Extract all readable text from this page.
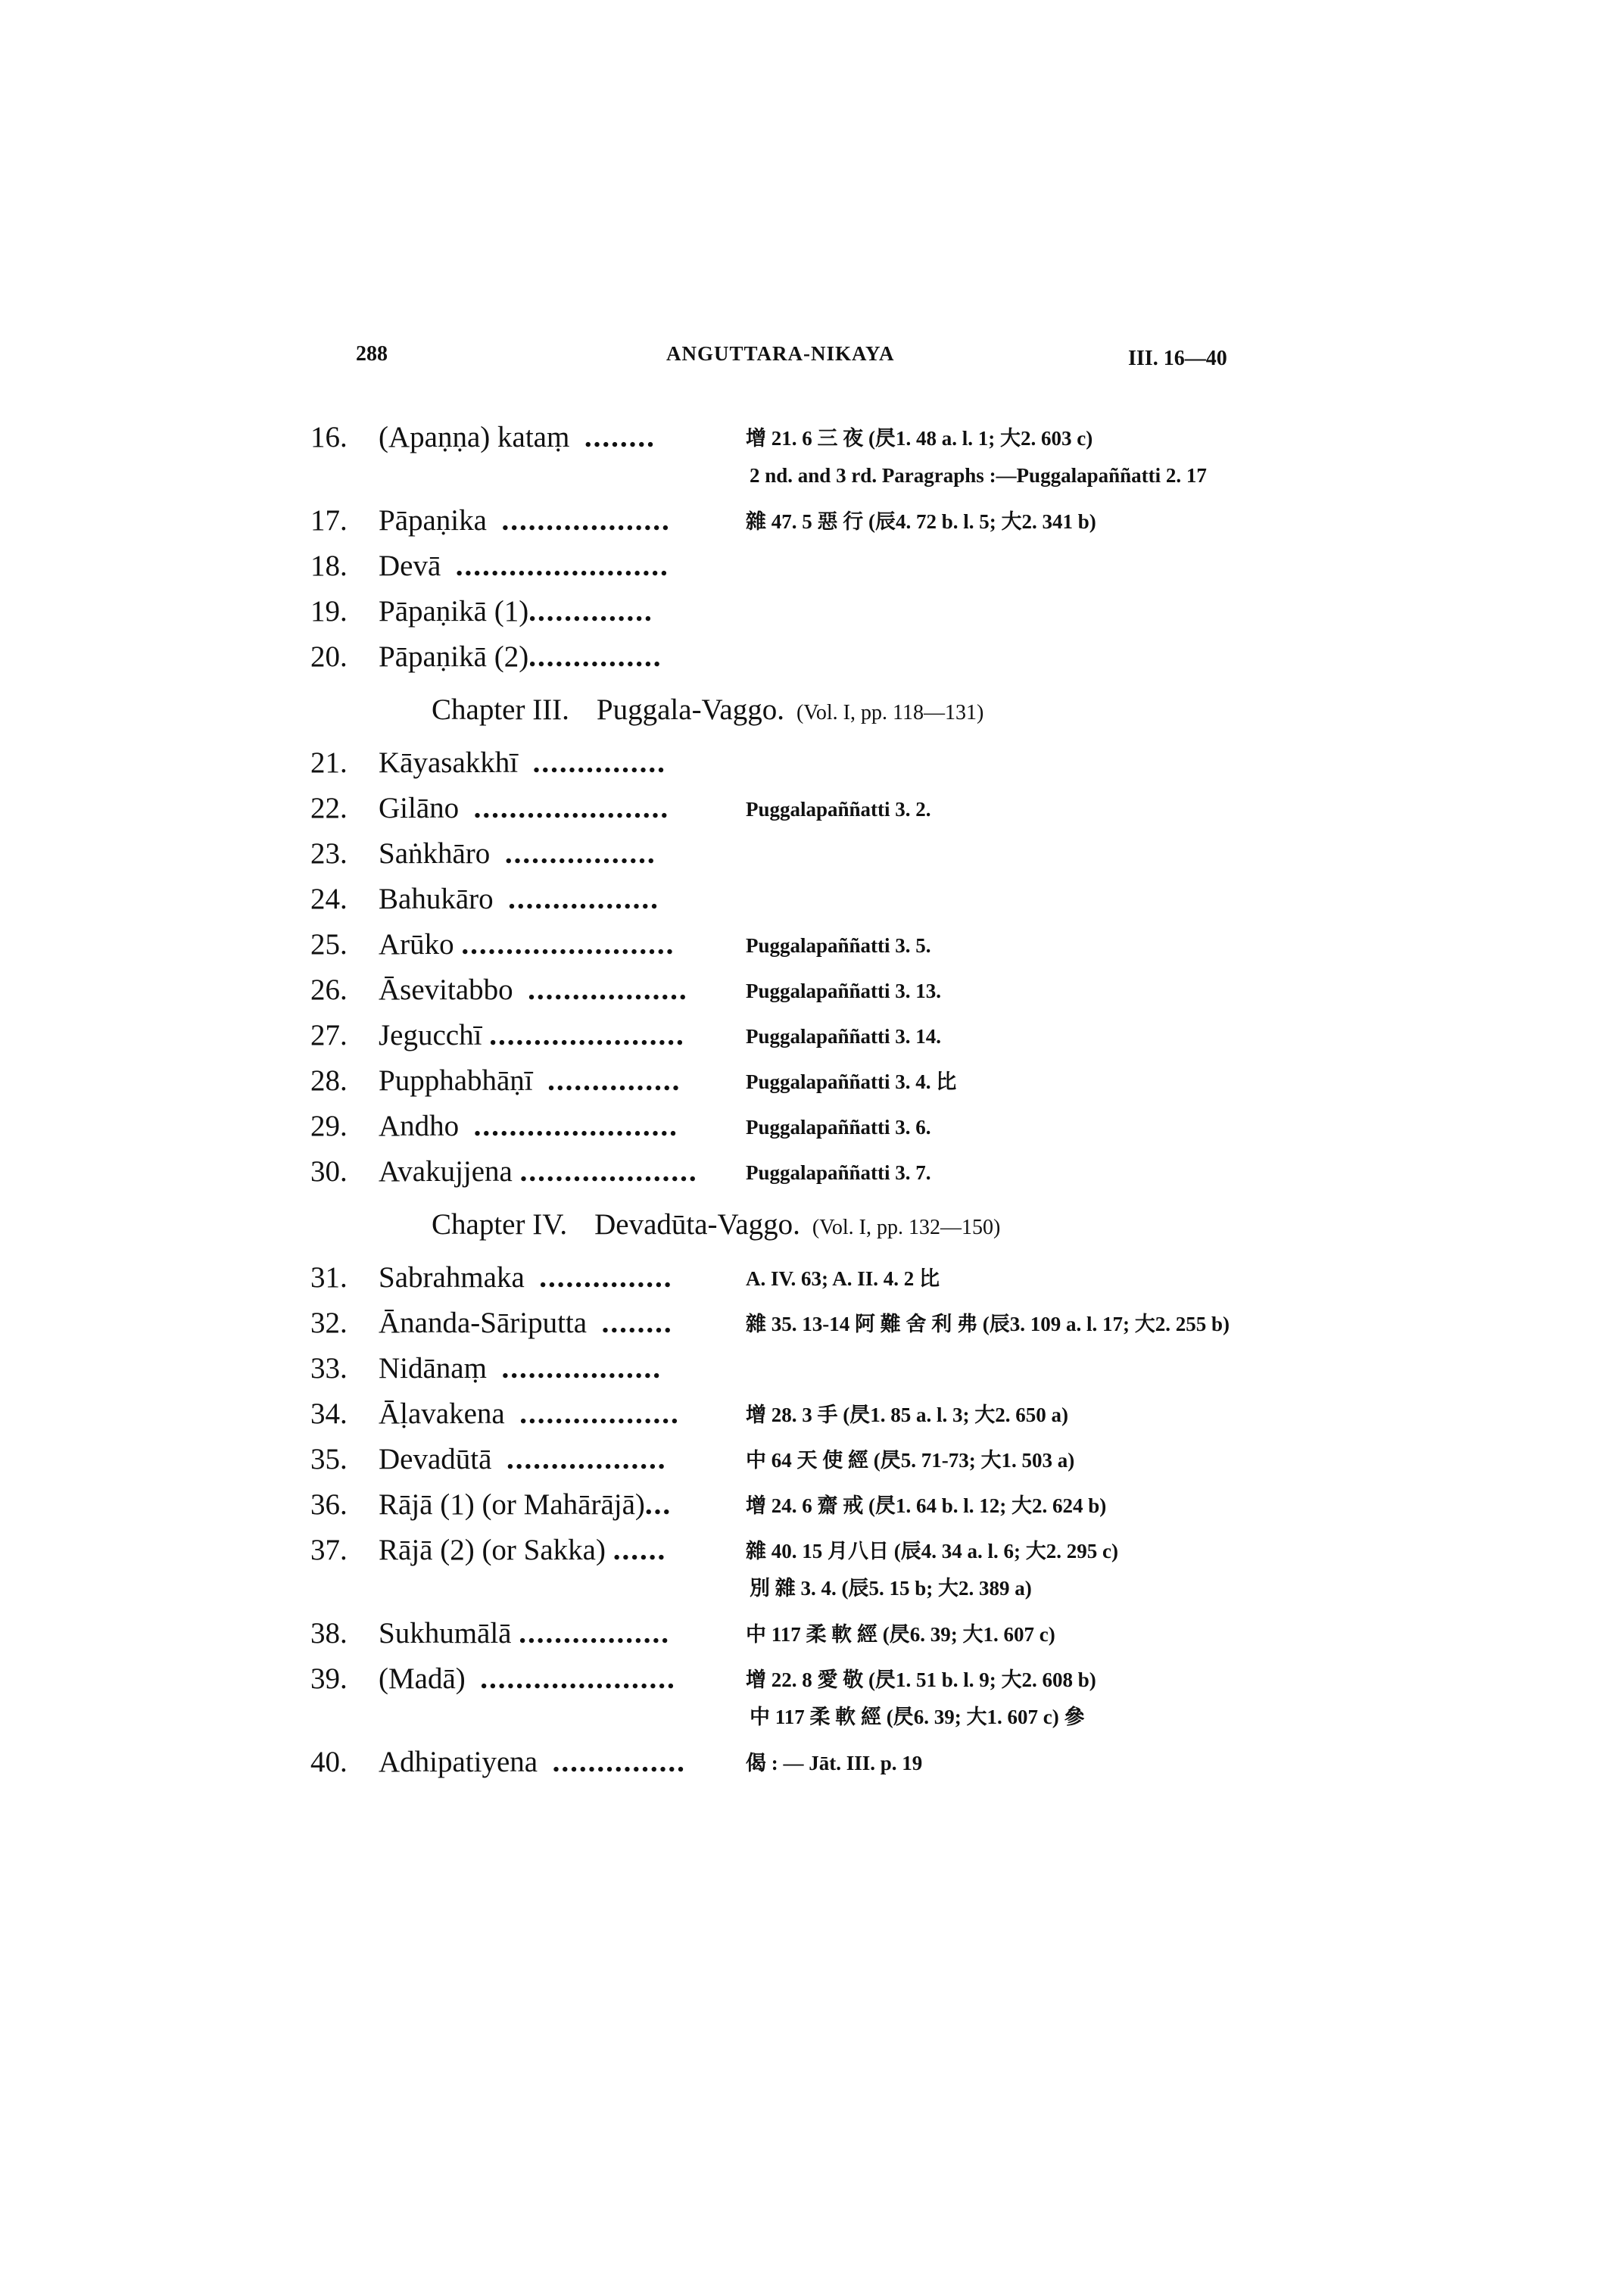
288	ANGUTTARA-NIKAYA	III. 16—40
16.	(Apaṇṇa) kataṃ ........	增 21. 6 三 夜 (昃1. 48 a. l. 1; 大2. 603 c)
2 nd. and 3 rd. Paragraphs :—Puggalapaññatti 2. 17
17.	Pāpaṇika ...................	雜 47. 5 惡 行 (辰4. 72 b. l. 5; 大2. 341 b)
18.	Devā ........................
19.	Pāpaṇikā (1)..............
20.	Pāpaṇikā (2)...............
Chapter III. Puggala-Vaggo. (Vol. I, pp. 118—131)
21.	Kāyasakkhī ...............
22.	Gilāno ......................	Puggalapaññatti 3. 2.
23.	Saṅkhāro .................
24.	Bahukāro .................
25.	Arūko ........................	Puggalapaññatti 3. 5.
26.	Āsevitabbo ..................	Puggalapaññatti 3. 13.
27.	Jegucchī ......................	Puggalapaññatti 3. 14.
28.	Pupphabhāṇī ...............	Puggalapaññatti 3. 4. 比
29.	Andho .......................	Puggalapaññatti 3. 6.
30.	Avakujjena .................... Puggalapaññatti 3. 7.
Chapter IV. Devadūta-Vaggo. (Vol. I, pp. 132—150)
31.	Sabrahmaka ...............	A. IV. 63; A. II. 4. 2 比
32.	Ānanda-Sāriputta ........	雜 35. 13-14 阿 難 舍 利 弗 (辰3. 109 a. l. 17; 大2. 255 b)
33.	Nidānaṃ ..................
34.	Āḷavakena ..................	增 28. 3 手 (昃1. 85 a. l. 3; 大2. 650 a)
35.	Devadūtā ..................	中 64 天 使 經 (昃5. 71-73; 大1. 503 a)
36.	Rājā (1) (or Mahārājā)...	增 24. 6 齋 戒 (昃1. 64 b. l. 12; 大2. 624 b)
37.	Rājā (2) (or Sakka) ......	雜 40. 15 月八日 (辰4. 34 a. l. 6; 大2. 295 c)
別 雜 3. 4. (辰5. 15 b; 大2. 389 a)
38.	Sukhumālā .................	中 117 柔 軟 經 (昃6. 39; 大1. 607 c)
39.	(Madā) ......................	增 22. 8 愛 敬 (昃1. 51 b. l. 9; 大2. 608 b)
中 117 柔 軟 經 (昃6. 39; 大1. 607 c) 參
40.	Adhipatiyena ...............	偈 : — Jāt. III. p. 19
